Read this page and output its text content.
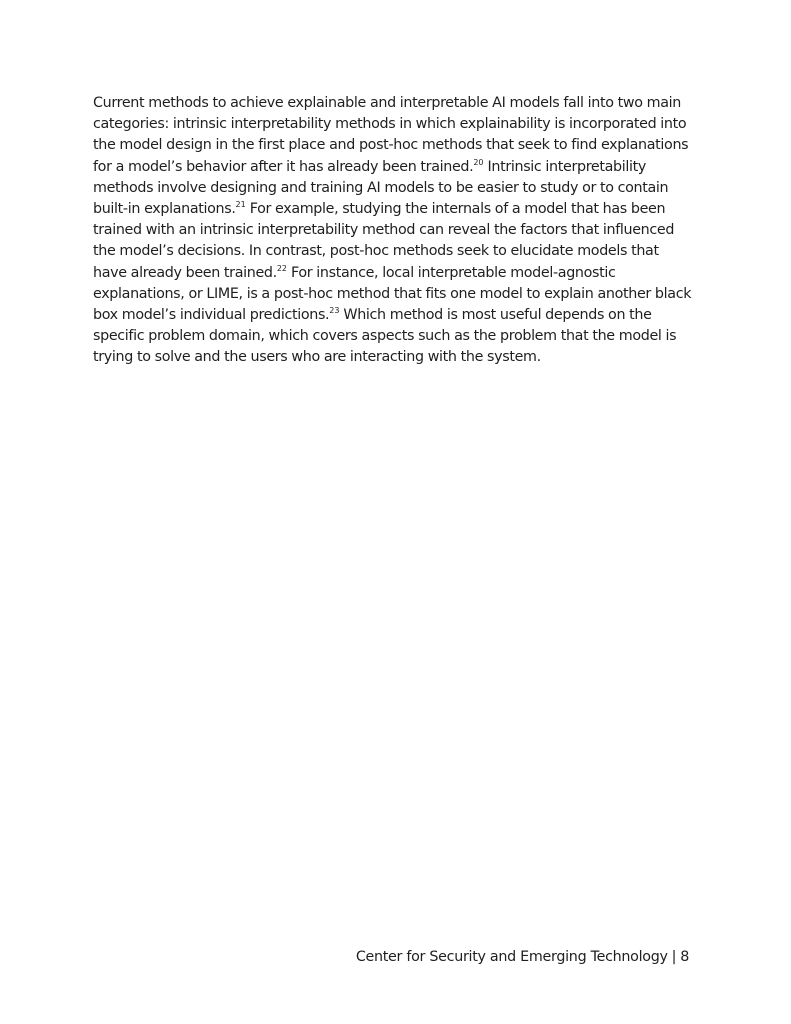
Current methods to achieve explainable and interpretable AI models fall into two main categories: intrinsic interpretability methods in which explainability is incorporated into the model design in the first place and post-hoc methods that seek to find explanations for a model’s behavior after it has already been trained.$^{20}$ Intrinsic interpretability methods involve designing and training AI models to be easier to study or to contain built-in explanations.$^{21}$ For example, studying the internals of a model that has been trained with an intrinsic interpretability method can reveal the factors that influenced the model’s decisions. In contrast, post-hoc methods seek to elucidate models that have already been trained.$^{22}$ For instance, local interpretable model-agnostic explanations, or LIME, is a post-hoc method that fits one model to explain another black box model’s individual predictions.$^{23}$ Which method is most useful depends on the specific problem domain, which covers aspects such as the problem that the model is trying to solve and the users who are interacting with the system.

Center for Security and Emerging Technology | 8
